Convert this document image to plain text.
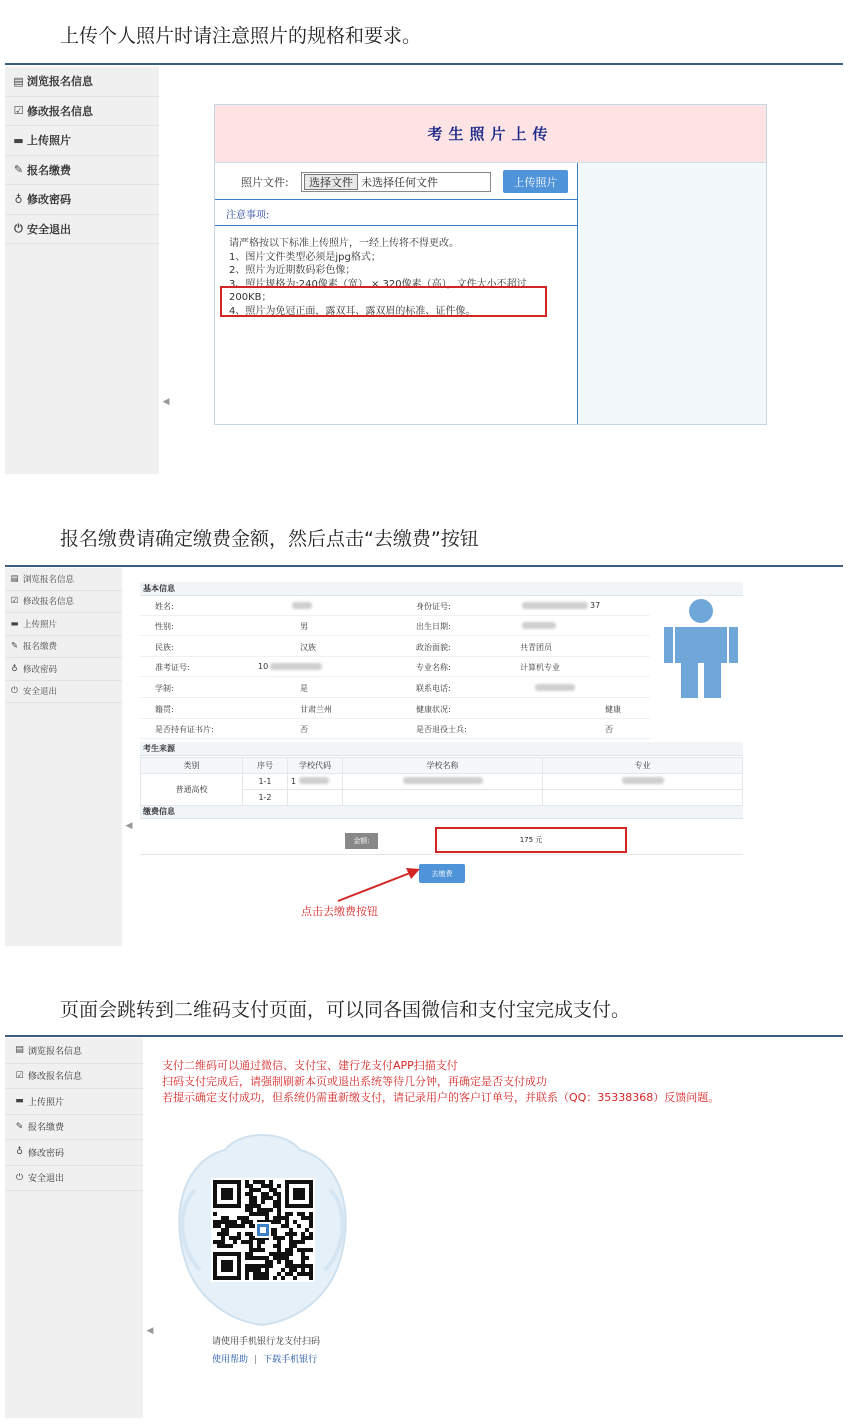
上传个人照片时请注意照片的规格和要求。
▤ 浏览报名信息
☑ 修改报名信息
▬ 上传照片
✎ 报名缴费
♁ 修改密码
⏻ 安全退出
◀
考生照片上传
照片文件:	选择文件 未选择任何文件	上传照片
注意事项:
请严格按以下标准上传照片，一经上传将不得更改。
1、图片文件类型必须是jpg格式；
2、照片为近期数码彩色像；
3、照片规格为:240像素（宽） × 320像素（高），文件大小不超过
200KB；
4、照片为免冠正面，露双耳、露双眉的标准、证件像。
报名缴费请确定缴费金额，然后点击“去缴费”按钮
▤ 浏览报名信息
☑ 修改报名信息
▬ 上传照片
✎ 报名缴费
♁ 修改密码
⏻ 安全退出
◀
基本信息
姓名:	身份证号:	37
性别:	男	出生日期:
民族:	汉族	政治面貌:	共青团员
准考证号:	10	专业名称:	计算机专业
学制:	是	联系电话:
籍贯:	甘肃兰州	健康状况:	健康
是否持有证书片:	否	是否退役士兵:	否
考生来源
缴费信息
类别	序号	学校代码	学校名称	专业
普通高校	1-1	1		
	1-2			
金额:	175 元
去缴费
点击去缴费按钮
页面会跳转到二维码支付页面，可以同各国微信和支付宝完成支付。
▤ 浏览报名信息
☑ 修改报名信息
▬ 上传照片
✎ 报名缴费
♁ 修改密码
⏻ 安全退出
◀
支付二维码可以通过微信、支付宝、建行龙支付APP扫描支付
扫码支付完成后，请强制刷新本页或退出系统等待几分钟，再确定是否支付成功
若提示确定支付成功，但系统仍需重新缴支付，请记录用户的客户订单号，并联系（QQ：35338368）反馈问题。
请使用手机银行龙支付扫码
使用帮助 | 下载手机银行
